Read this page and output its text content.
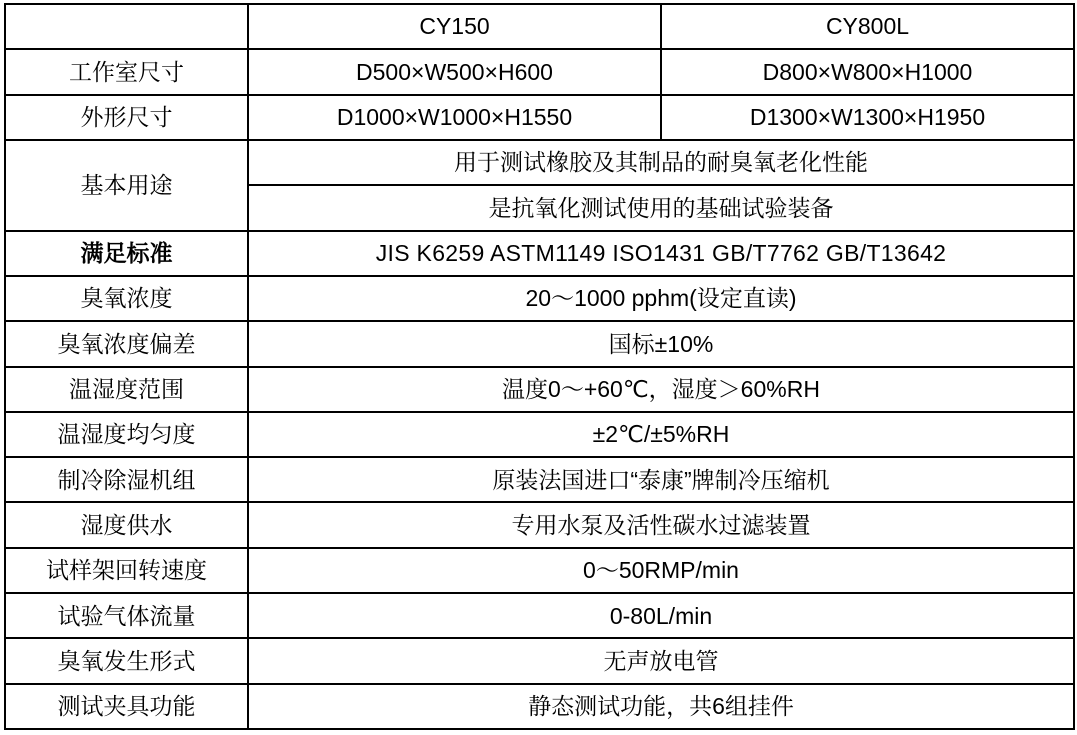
	CY150	CY800L
工作室尺寸	D500×W500×H600	D800×W800×H1000
外形尺寸	D1000×W1000×H1550	D1300×W1300×H1950
基本用途	用于测试橡胶及其制品的耐臭氧老化性能	
	是抗氧化测试使用的基础试验装备	
满足标准	JIS K6259 ASTM1149 ISO1431 GB/T7762 GB/T13642	
臭氧浓度	20～1000 pphm(设定直读)	
臭氧浓度偏差	国标±10%	
温湿度范围	温度0～+60℃，湿度＞60%RH	
温湿度均匀度	±2℃/±5%RH	
制冷除湿机组	原装法国进口“泰康”牌制冷压缩机	
湿度供水	专用水泵及活性碳水过滤装置	
试样架回转速度	0～50RMP/min	
试验气体流量	0-80L/min	
臭氧发生形式	无声放电管	
测试夹具功能	静态测试功能，共6组挂件	
